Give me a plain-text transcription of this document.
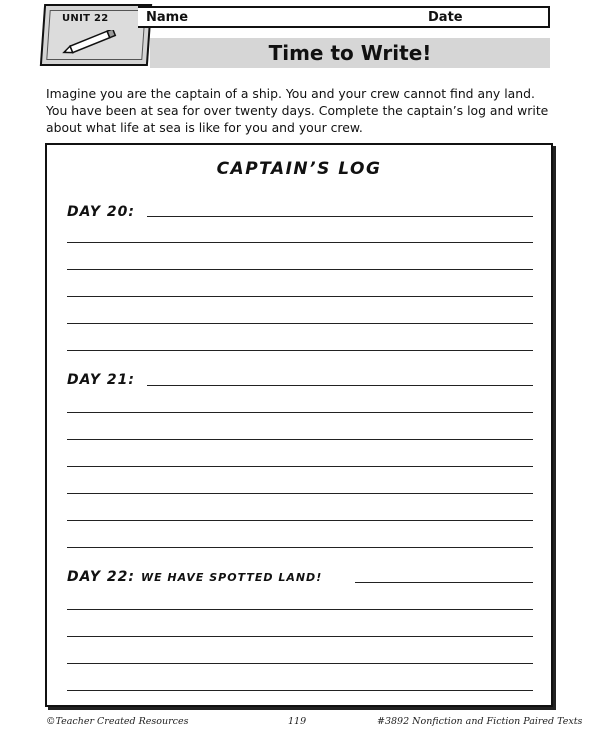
UNIT 22	Name	Date
Time to Write!
Imagine you are the captain of a ship. You and your crew cannot find any land. You have been at sea for over twenty days. Complete the captain’s log and write about what life at sea is like for you and your crew.
CAPTAIN’S LOG
DAY 20:
DAY 21:
DAY 22: WE HAVE SPOTTED LAND!
©Teacher Created Resources	119	#3892 Nonfiction and Fiction Paired Texts
